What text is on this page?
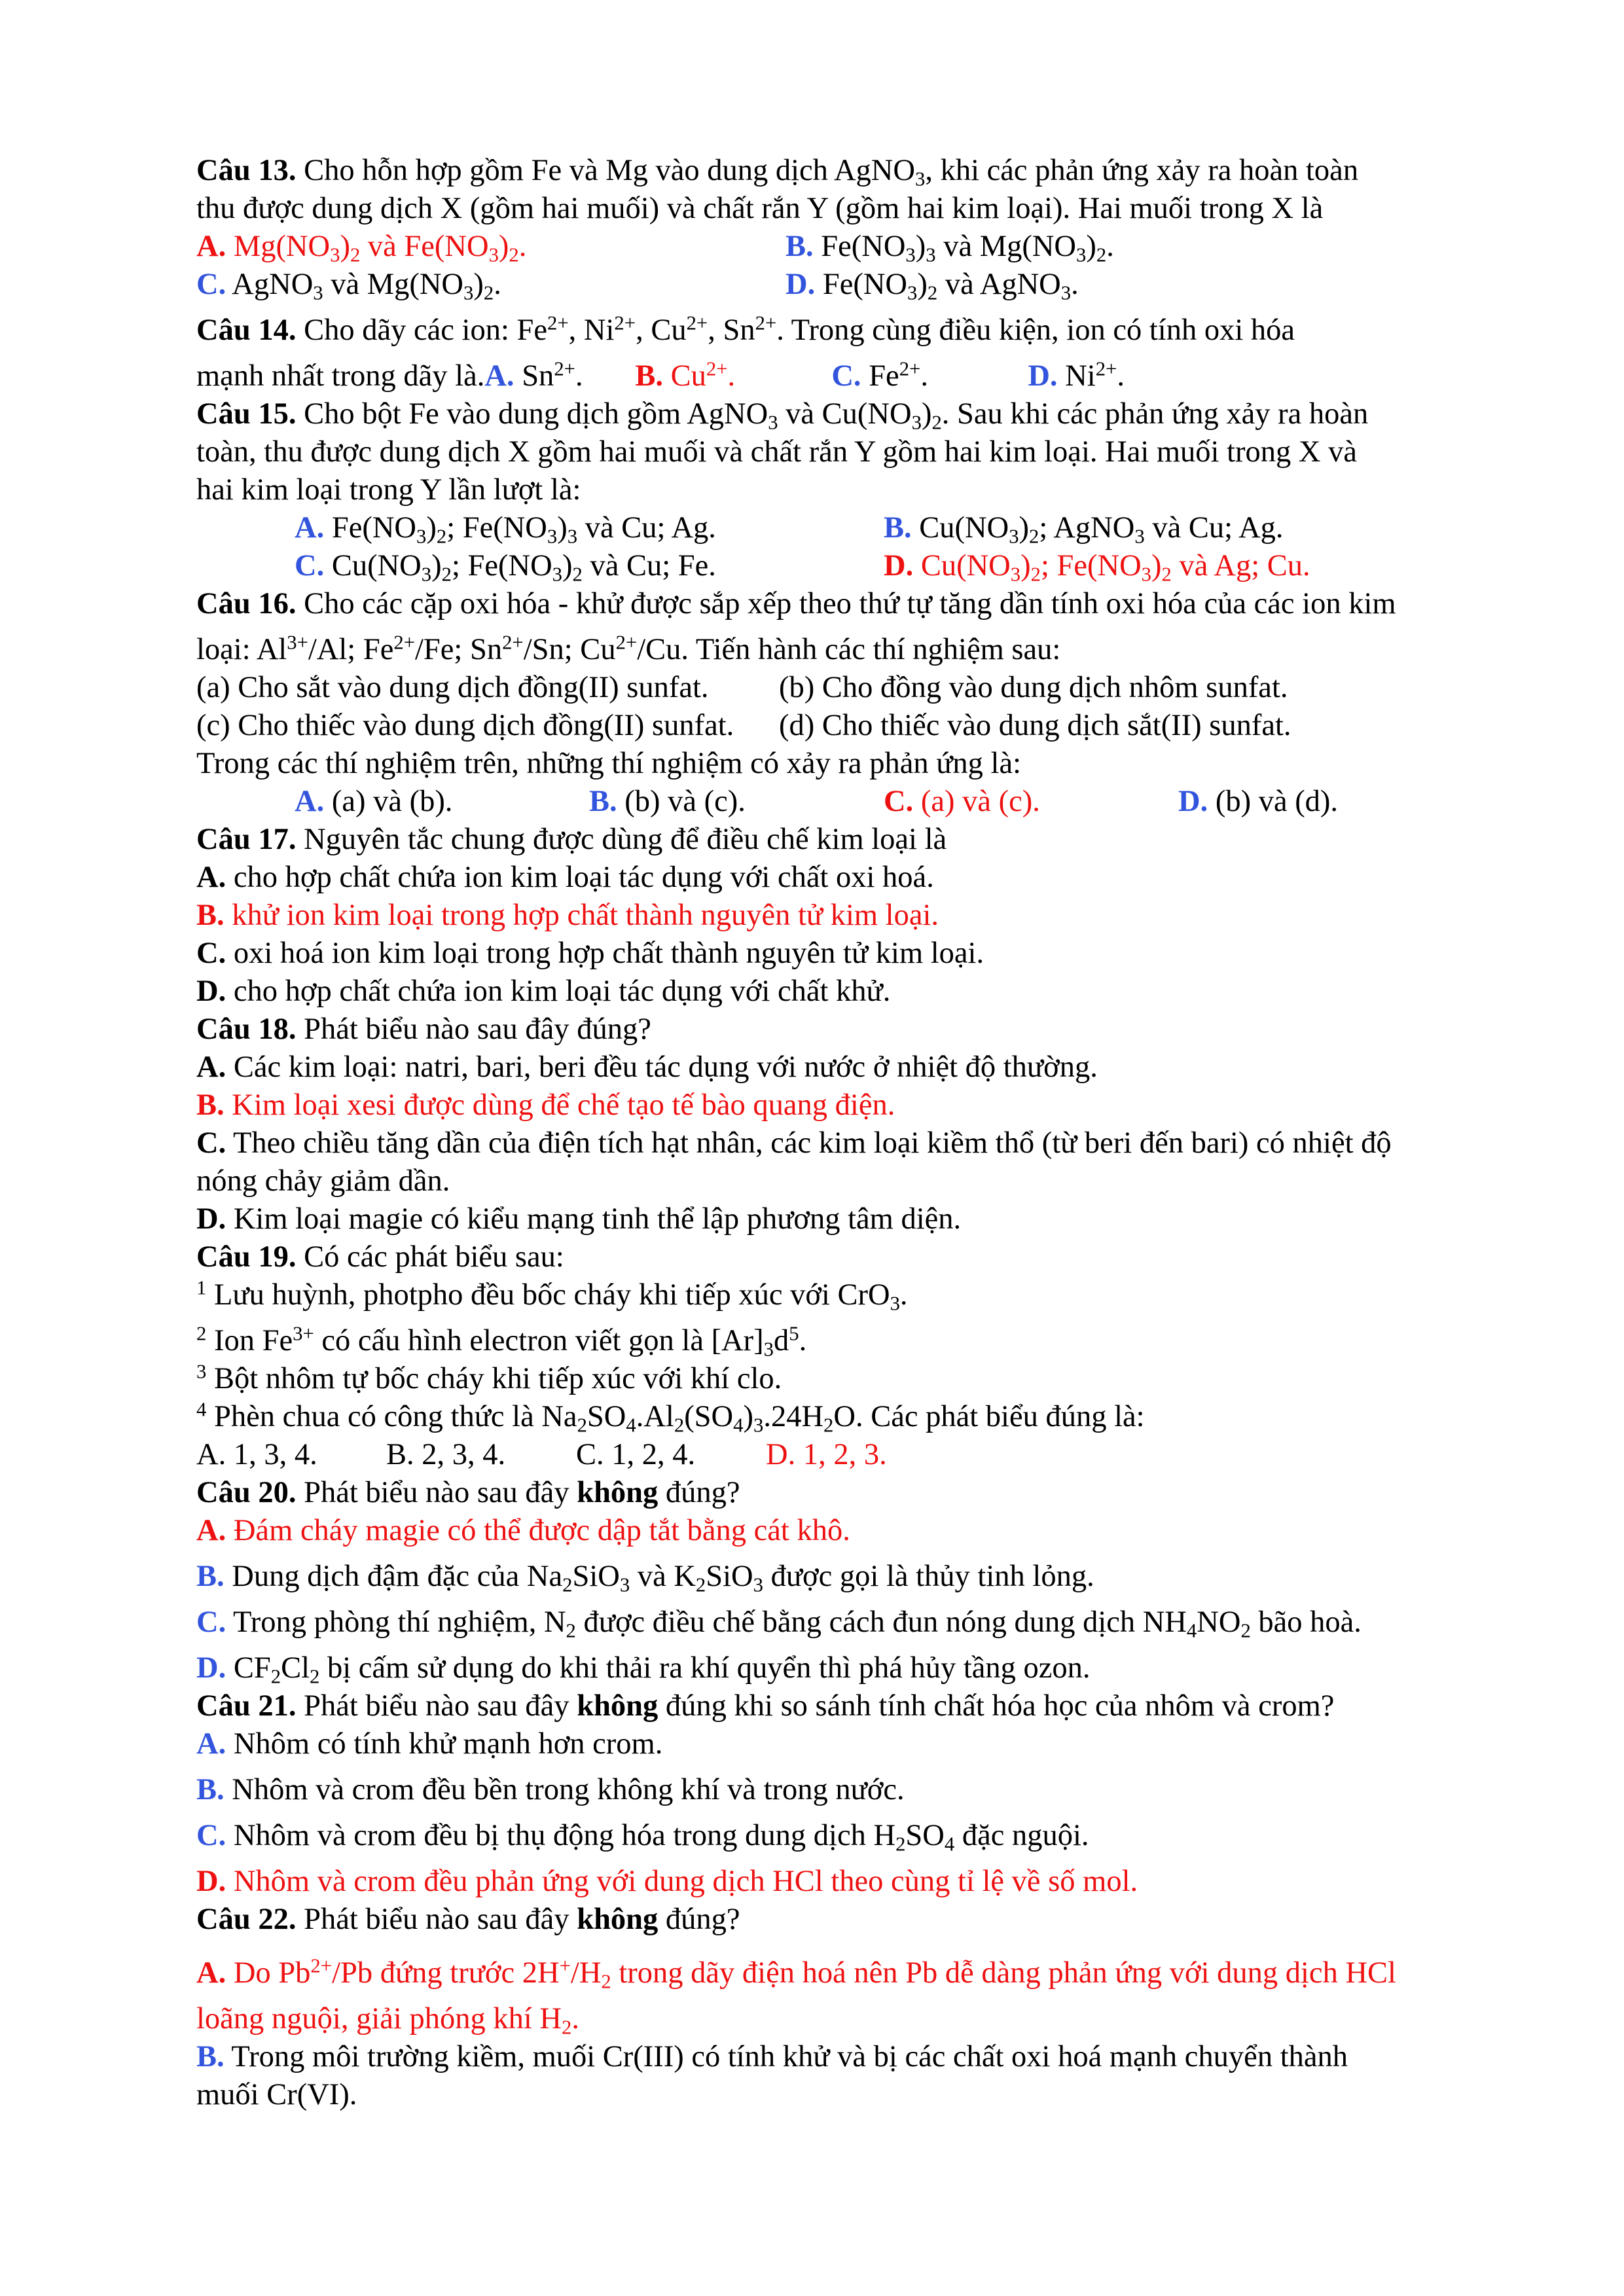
Câu 13. Cho hỗn hợp gồm Fe và Mg vào dung dịch AgNO$_3$, khi các phản ứng xảy ra hoàn toàn
thu được dung dịch X (gồm hai muối) và chất rắn Y (gồm hai kim loại). Hai muối trong X là
A. $Mg(NO_3)_2$ và $Fe(NO_3)_2$.	B. $Fe(NO_3)_3$ và $Mg(NO_3)_2$.
C. AgNO$_3$ và $Mg(NO_3)_2$.	D. $Fe(NO_3)_2$ và AgNO$_3$.
Câu 14. Cho dãy các ion: $Fe^{2+}$, $Ni^{2+}$, $Cu^{2+}$, $Sn^{2+}$. Trong cùng điều kiện, ion có tính oxi hóa
mạnh nhất trong dãy là. A. $Sn^{2+}$.	B. $Cu^{2+}$.	C. $Fe^{2+}$.	D. $Ni^{2+}$.
Câu 15. Cho bột Fe vào dung dịch gồm AgNO$_3$ và $Cu(NO_3)_2$. Sau khi các phản ứng xảy ra hoàn
toàn, thu được dung dịch X gồm hai muối và chất rắn Y gồm hai kim loại. Hai muối trong X và
hai kim loại trong Y lần lượt là:
A. $Fe(NO_3)_2$; $Fe(NO_3)_3$ và Cu; Ag.	B. $Cu(NO_3)_2$; AgNO$_3$ và Cu; Ag.
C. $Cu(NO_3)_2$; $Fe(NO_3)_2$ và Cu; Fe.	D. $Cu(NO_3)_2$; $Fe(NO_3)_2$ và Ag; Cu.
Câu 16. Cho các cặp oxi hóa - khử được sắp xếp theo thứ tự tăng dần tính oxi hóa của các ion kim
loại: $Al^{3+}/Al$; $Fe^{2+}/Fe$; $Sn^{2+}/Sn$; $Cu^{2+}/Cu$. Tiến hành các thí nghiệm sau:
(a) Cho sắt vào dung dịch đồng(II) sunfat.	(b) Cho đồng vào dung dịch nhôm sunfat.
(c) Cho thiếc vào dung dịch đồng(II) sunfat.	(d) Cho thiếc vào dung dịch sắt(II) sunfat.
Trong các thí nghiệm trên, những thí nghiệm có xảy ra phản ứng là:
A. (a) và (b).	B. (b) và (c).	C. (a) và (c).	D. (b) và (d).
Câu 17. Nguyên tắc chung được dùng để điều chế kim loại là
A. cho hợp chất chứa ion kim loại tác dụng với chất oxi hoá.
B. khử ion kim loại trong hợp chất thành nguyên tử kim loại.
C. oxi hoá ion kim loại trong hợp chất thành nguyên tử kim loại.
D. cho hợp chất chứa ion kim loại tác dụng với chất khử.
Câu 18. Phát biểu nào sau đây đúng?
A. Các kim loại: natri, bari, beri đều tác dụng với nước ở nhiệt độ thường.
B. Kim loại xesi được dùng để chế tạo tế bào quang điện.
C. Theo chiều tăng dần của điện tích hạt nhân, các kim loại kiềm thổ (từ beri đến bari) có nhiệt độ
nóng chảy giảm dần.
D. Kim loại magie có kiểu mạng tinh thể lập phương tâm diện.
Câu 19. Có các phát biểu sau:
$^1$ Lưu huỳnh, photpho đều bốc cháy khi tiếp xúc với CrO$_3$.
$^2$ Ion $Fe^{3+}$ có cấu hình electron viết gọn là $[Ar]_3d^5$.
$^3$ Bột nhôm tự bốc cháy khi tiếp xúc với khí clo.
$^4$ Phèn chua có công thức là $Na_2SO_4.Al_2(SO_4)_3.24H_2O$. Các phát biểu đúng là:
A. 1, 3, 4.	B. 2, 3, 4.	C. 1, 2, 4.	D. 1, 2, 3.
Câu 20. Phát biểu nào sau đây không đúng?
A. Đám cháy magie có thể được dập tắt bằng cát khô.
B. Dung dịch đậm đặc của $Na_2SiO_3$ và $K_2SiO_3$ được gọi là thủy tinh lỏng.
C. Trong phòng thí nghiệm, $N_2$ được điều chế bằng cách đun nóng dung dịch $NH_4NO_2$ bão hoà.
D. $CF_2Cl_2$ bị cấm sử dụng do khi thải ra khí quyển thì phá hủy tầng ozon.
Câu 21. Phát biểu nào sau đây không đúng khi so sánh tính chất hóa học của nhôm và crom?
A. Nhôm có tính khử mạnh hơn crom.
B. Nhôm và crom đều bền trong không khí và trong nước.
C. Nhôm và crom đều bị thụ động hóa trong dung dịch $H_2SO_4$ đặc nguội.
D. Nhôm và crom đều phản ứng với dung dịch HCl theo cùng tỉ lệ về số mol.
Câu 22. Phát biểu nào sau đây không đúng?
A. Do $Pb^{2+}/Pb$ đứng trước $2H^+/H_2$ trong dãy điện hoá nên Pb dễ dàng phản ứng với dung dịch HCl
loãng nguội, giải phóng khí $H_2$.
B. Trong môi trường kiềm, muối Cr(III) có tính khử và bị các chất oxi hoá mạnh chuyển thành
muối Cr(VI).
